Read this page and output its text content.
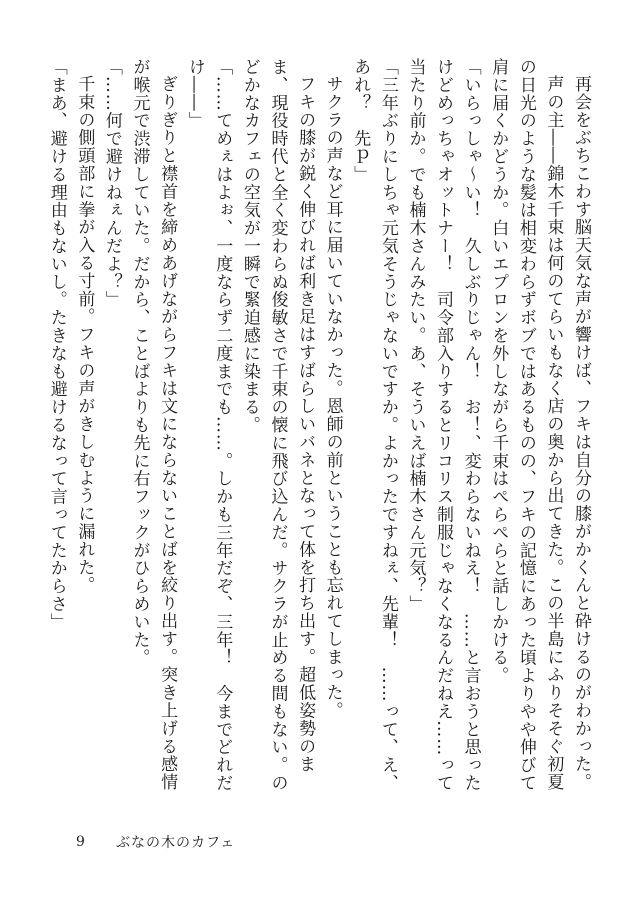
再会をぶちこわす脳天気な声が響けば、フキは自分の膝がかくんと砕けるのがわかった。

声の主――錦木千束は何のてらいもなく店の奥から出てきた。この半島にふりそそぐ初夏の日光のような髪は相変わらずボブではあるものの、フキの記憶にあった頃よりやや伸びて肩に届くかどうか。白いエプロンを外しながら千束はぺらぺらと話しかける。

「いらっしゃ〜い！　久しぶりじゃん！　お！、変わらないねえ！　……と言おうと思ったけどめっちゃオットナー！　司令部入りするとリコリス制服じゃなくなるんだねえ……って当たり前か。でも楠木さんみたい。あ、そういえば楠木さん元気？」

「三年ぶりにしちゃ元気そうじゃないですか。よかったですねぇ、先輩！　……って、え、あれ？　先ｐ」

サクラの声など耳に届いていなかった。恩師の前ということも忘れてしまった。

フキの膝が鋭く伸びれば利き足はすばらしいバネとなって体を打ち出す。超低姿勢のまま、現役時代と全く変わらぬ俊敏さで千束の懐に飛び込んだ。サクラが止める間もない。のどかなカフェの空気が一瞬で緊迫感に染まる。

「……てめぇはよぉ、一度ならず二度までも……。しかも三年だぞ、三年！　今までどれだけ――」

ぎりぎりと襟首を締めあげながらフキは文にならないことばを絞り出す。突き上げる感情が喉元で渋滞していた。だから、ことばよりも先に右フックがひらめいた。

「……何で避けねぇんだよ？」

千束の側頭部に拳が入る寸前。フキの声がきしむように漏れた。

「まあ、避ける理由もないし。たきなも避けるなって言ってたからさ」

9	ぶなの木のカフェ
